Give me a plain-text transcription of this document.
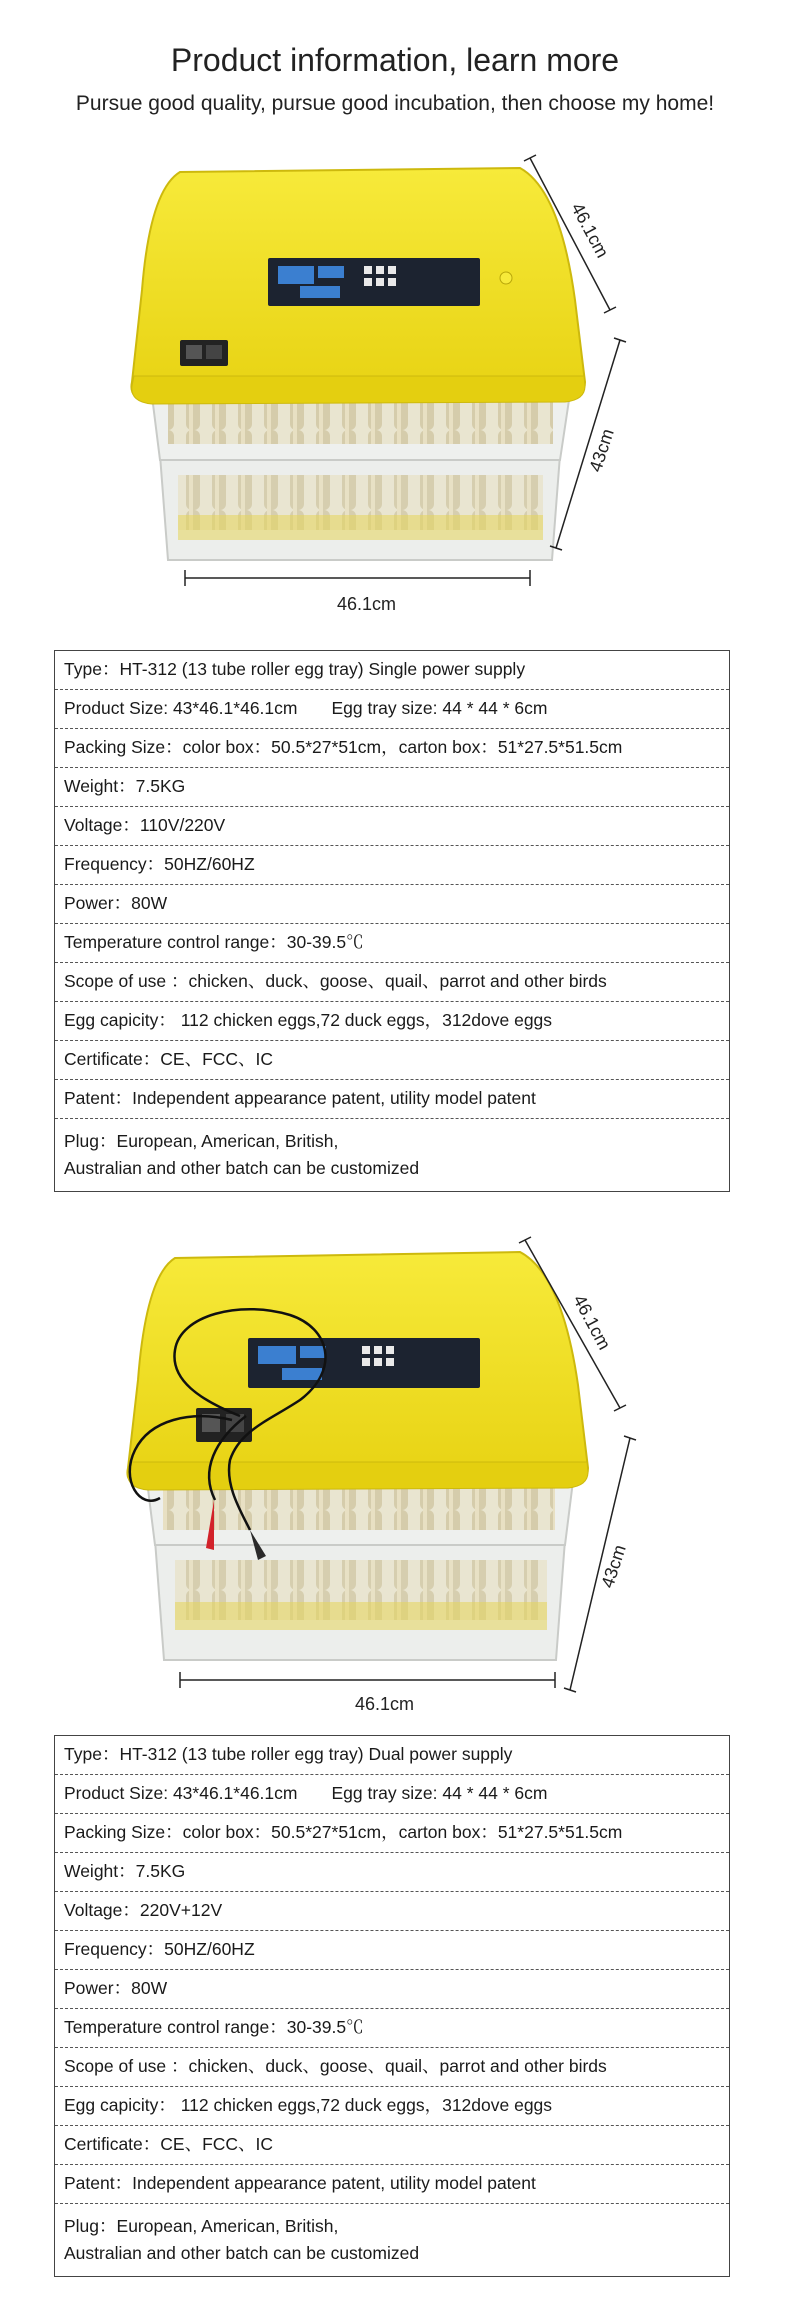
Product information, learn more
Pursue good quality, pursue good incubation, then choose my home!
46.1cm
46.1cm
43cm
Type：HT-312 (13 tube roller egg tray) Single power supply
Product Size: 43*46.1*46.1cm Egg tray size: 44 * 44 * 6cm
Packing Size：color box：50.5*27*51cm，carton box：51*27.5*51.5cm
Weight：7.5KG
Voltage：110V/220V
Frequency：50HZ/60HZ
Power：80W
Temperature control range：30-39.5℃
Scope of use ：chicken、duck、goose、quail、parrot and other birds
Egg capicity： 112 chicken eggs,72 duck eggs，312dove eggs
Certificate：CE、FCC、IC
Patent：Independent appearance patent, utility model patent

Plug：European, American, British,
Australian and other batch can be customized
46.1cm
46.1cm
43cm
Type：HT-312 (13 tube roller egg tray) Dual power supply
Product Size: 43*46.1*46.1cm Egg tray size: 44 * 44 * 6cm
Packing Size：color box：50.5*27*51cm，carton box：51*27.5*51.5cm
Weight：7.5KG
Voltage：220V+12V
Frequency：50HZ/60HZ
Power：80W
Temperature control range：30-39.5℃
Scope of use ：chicken、duck、goose、quail、parrot and other birds
Egg capicity： 112 chicken eggs,72 duck eggs，312dove eggs
Certificate：CE、FCC、IC
Patent：Independent appearance patent, utility model patent

Plug：European, American, British,
Australian and other batch can be customized
